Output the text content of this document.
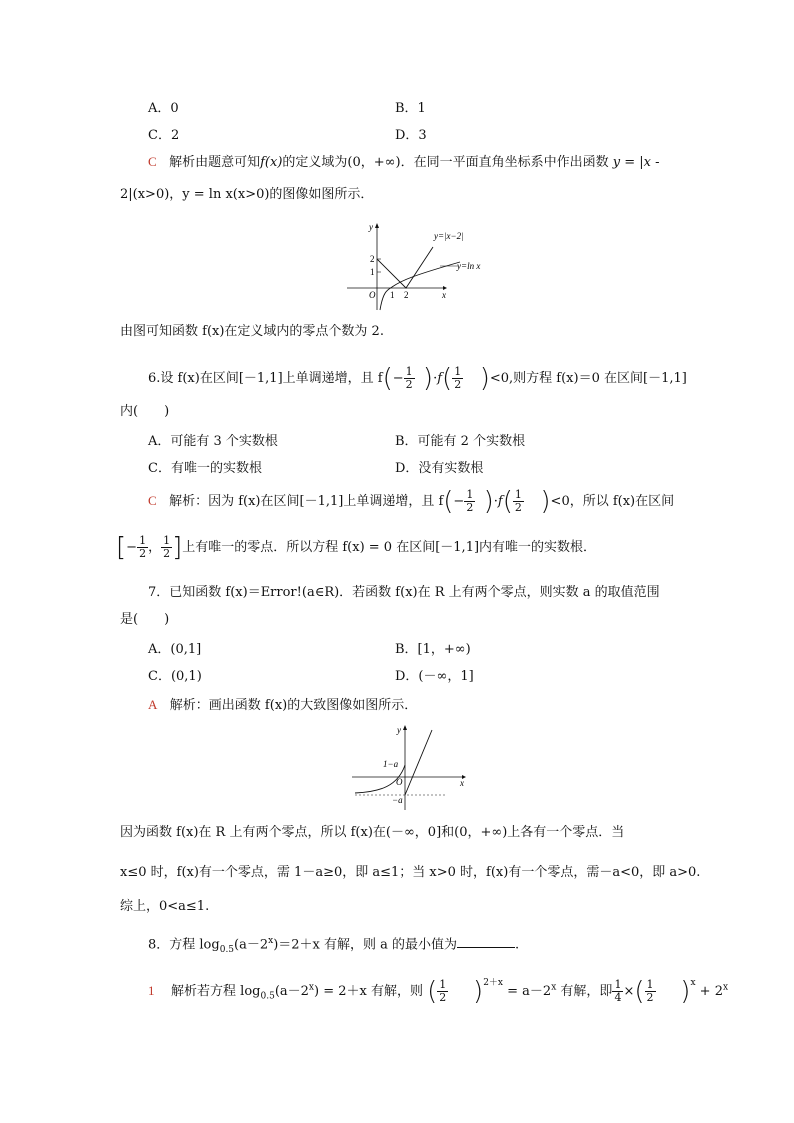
A．0	B．1
C．2	D．3
C 解析由题意可知f(x)的定义域为(0，+∞)．在同一平面直角坐标系中作出函数 y = |x -
2|(x>0)，y = ln x(x>0)的图像如图所示．
y
x
O
2
1
1 2
y=|x−2|
y=ln x
由图可知函数 f(x)在定义域内的零点个数为 2.
6.设 f(x)在区间[－1,1]上单调递增，且 $f(- \frac{1}{2} )\cdot f( \frac{1}{2} )<0$,则方程 f(x)＝0 在区间[－1,1]
内(　　)
A．可能有 3 个实数根	B．可能有 2 个实数根
C．有唯一的实数根	D．没有实数根
C 解析：因为 f(x)在区间[－1,1]上单调递增，且 $f(- \frac{1}{2} )\cdot f( \frac{1}{2} )<0$，所以 f(x)在区间
[− $\frac{1}{2}$ ， $\frac{1}{2}$ ]上有唯一的零点．所以方程 f(x) = 0 在区间[－1,1]内有唯一的实数根．
7．已知函数 f(x)＝Error!(a∈R)．若函数 f(x)在 R 上有两个零点，则实数 a 的取值范围
是(　　)
A．(0,1]	B．[1，+∞)
C．(0,1)	D．(－∞，1]
A 解析：画出函数 f(x)的大致图像如图所示．
y
x
O
1−a
−a
因为函数 f(x)在 R 上有两个零点，所以 f(x)在(－∞，0]和(0，+∞)上各有一个零点．当
x≤0 时，f(x)有一个零点，需 1－a≥0，即 a≤1；当 x>0 时，f(x)有一个零点，需－a<0，即 a>0.
综上，0<a≤1.
8．方程 $\log_{0.5}(a-2^x)=2+x$ 有解，则 a 的最小值为	.
1 解析若方程 $\log_{0.5}(a-2^x) = 2+x$ 有解，则 ( $\frac{1}{2} )^{2+x} = a-2^x$ 有解，即 $\frac{1}{4}$ ×( $\frac{1}{2} )^x + 2^x$
